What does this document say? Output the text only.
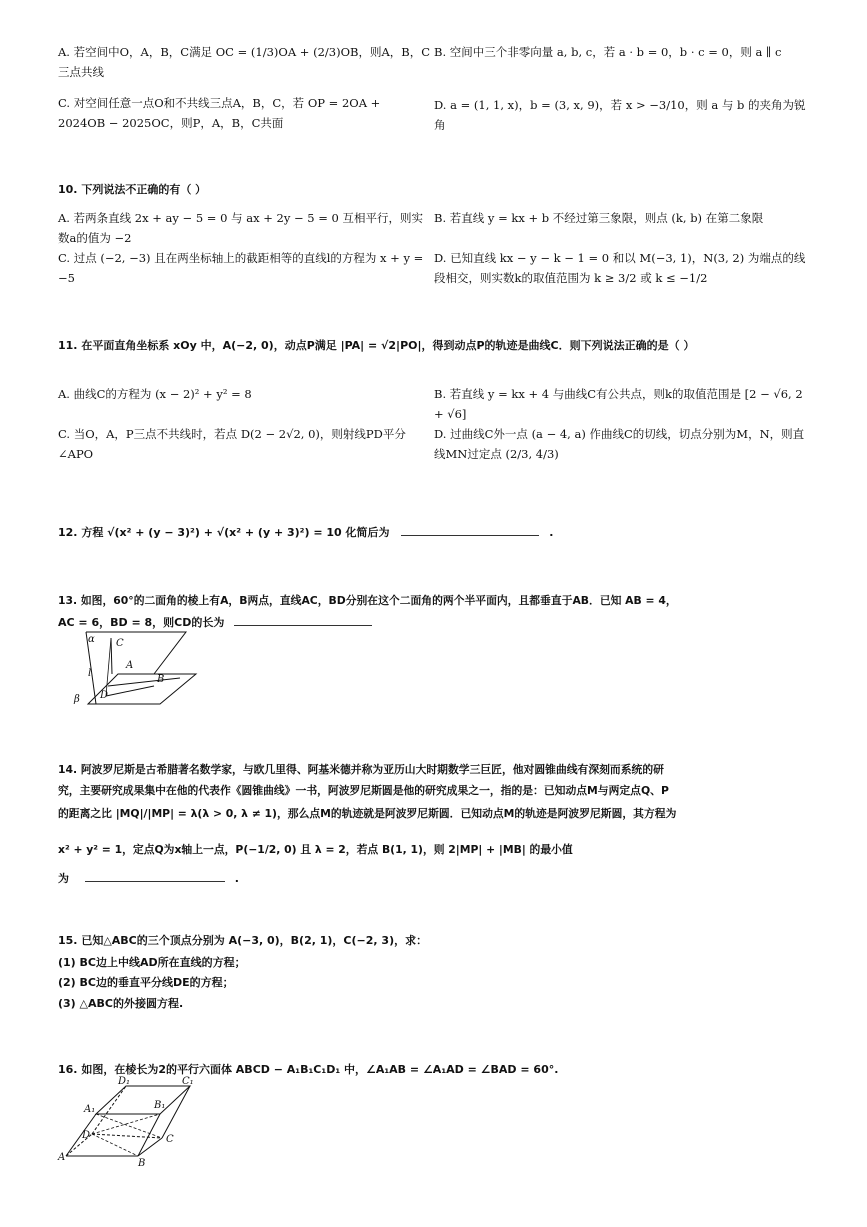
A. 若空间中O，A，B，C满足 OC = (1/3)OA + (2/3)OB，则A，B，C三点共线
B. 空间中三个非零向量 a, b, c，若 a · b = 0，b · c = 0，则 a ∥ c
C. 对空间任意一点O和不共线三点A，B，C，若 OP = 2OA + 2024OB − 2025OC，则P，A，B，C共面
D. a = (1, 1, x)，b = (3, x, 9)，若 x > −3/10，则 a 与 b 的夹角为锐角
10. 下列说法不正确的有（ ）
A. 若两条直线 2x + ay − 5 = 0 与 ax + 2y − 5 = 0 互相平行，则实数a的值为 −2
B. 若直线 y = kx + b 不经过第三象限，则点 (k, b) 在第二象限
C. 过点 (−2, −3) 且在两坐标轴上的截距相等的直线l的方程为 x + y = −5
D. 已知直线 kx − y − k − 1 = 0 和以 M(−3, 1)，N(3, 2) 为端点的线段相交，则实数k的取值范围为 k ≥ 3/2 或 k ≤ −1/2
11. 在平面直角坐标系 xOy 中，A(−2, 0)，动点P满足 |PA| = √2|PO|，得到动点P的轨迹是曲线C．则下列说法正确的是（ ）
A. 曲线C的方程为 (x − 2)² + y² = 8	B. 若直线 y = kx + 4 与曲线C有公共点，则k的取值范围是 [2 − √6, 2 + √6]
C. 当O，A，P三点不共线时，若点 D(2 − 2√2, 0)，则射线PD平分∠APO
D. 过曲线C外一点 (a − 4, a) 作曲线C的切线，切点分别为M，N，则直线MN过定点 (2/3, 4/3)
12. 方程 √(x² + (y − 3)²) + √(x² + (y + 3)²) = 10 化简后为	.
13. 如图，60°的二面角的棱上有A，B两点，直线AC，BD分别在这个二面角的两个半平面内，且都垂直于AB．已知 AB = 4，
AC = 6，BD = 8，则CD的长为
α C
l
A
B
D
β
14. 阿波罗尼斯是古希腊著名数学家，与欧几里得、阿基米德并称为亚历山大时期数学三巨匠，他对圆锥曲线有深刻而系统的研
究，主要研究成果集中在他的代表作《圆锥曲线》一书，阿波罗尼斯圆是他的研究成果之一，指的是：已知动点M与两定点Q、P
的距离之比 |MQ|/|MP| = λ(λ > 0, λ ≠ 1)，那么点M的轨迹就是阿波罗尼斯圆．已知动点M的轨迹是阿波罗尼斯圆，其方程为
x² + y² = 1，定点Q为x轴上一点，P(−1/2, 0) 且 λ = 2，若点 B(1, 1)，则 2|MP| + |MB| 的最小值
为	.
15. 已知△ABC的三个顶点分别为 A(−3, 0)，B(2, 1)，C(−2, 3)，求：
(1) BC边上中线AD所在直线的方程；
(2) BC边的垂直平分线DE的方程；
(3) △ABC的外接圆方程.
16. 如图，在棱长为2的平行六面体 ABCD − A₁B₁C₁D₁ 中，∠A₁AB = ∠A₁AD = ∠BAD = 60°.
D₁	C₁
A₁	B₁
D	C
A
B
